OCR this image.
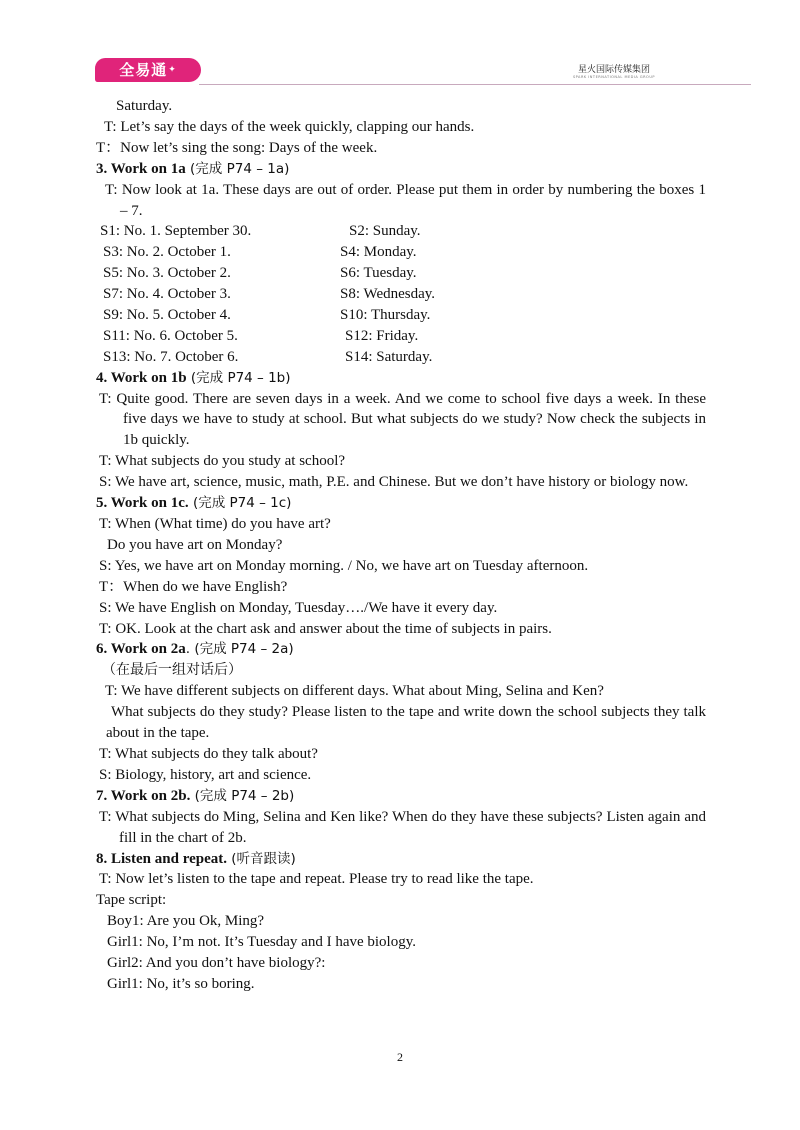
全易通✦	星火国际传媒集团
SPARK INTERNATIONAL MEDIA GROUP
Saturday.
T: Let’s say the days of the week quickly, clapping our hands.
T：Now let’s sing the song: Days of the week.
3. Work on 1a (完成 P74 – 1a)
T: Now look at 1a. These days are out of order. Please put them in order by numbering the boxes 1 – 7.
S1: No. 1. September 30.	S2: Sunday.
S3: No. 2. October 1.	S4: Monday.
S5: No. 3. October 2.	S6: Tuesday.
S7: No. 4. October 3.	S8: Wednesday.
S9: No. 5. October 4.	S10: Thursday.
S11: No. 6. October 5.	S12: Friday.
S13: No. 7. October 6.	S14: Saturday.
4. Work on 1b (完成 P74 – 1b)
T: Quite good. There are seven days in a week. And we come to school five days a week. In these five days we have to study at school. But what subjects do we study? Now check the subjects in 1b quickly.
T: What subjects do you study at school?
S: We have art, science, music, math, P.E. and Chinese. But we don’t have history or biology now.
5. Work on 1c. (完成 P74 – 1c)
T: When (What time) do you have art?
Do you have art on Monday?
S: Yes, we have art on Monday morning. / No, we have art on Tuesday afternoon.
T：When do we have English?
S: We have English on Monday, Tuesday…./We have it every day.
T: OK. Look at the chart ask and answer about the time of subjects in pairs.
6. Work on 2a. (完成 P74 – 2a)
（在最后一组对话后）
T: We have different subjects on different days. What about Ming, Selina and Ken?
What subjects do they study? Please listen to the tape and write down the school subjects they talk about in the tape.
T: What subjects do they talk about?
S: Biology, history, art and science.
7. Work on 2b. (完成 P74 – 2b)
T: What subjects do Ming, Selina and Ken like? When do they have these subjects? Listen again and fill in the chart of 2b.
8. Listen and repeat. (听音跟读)
T: Now let’s listen to the tape and repeat. Please try to read like the tape.
Tape script:
Boy1: Are you Ok, Ming?
Girl1: No, I’m not. It’s Tuesday and I have biology.
Girl2: And you don’t have biology?:
Girl1: No, it’s so boring.
2
